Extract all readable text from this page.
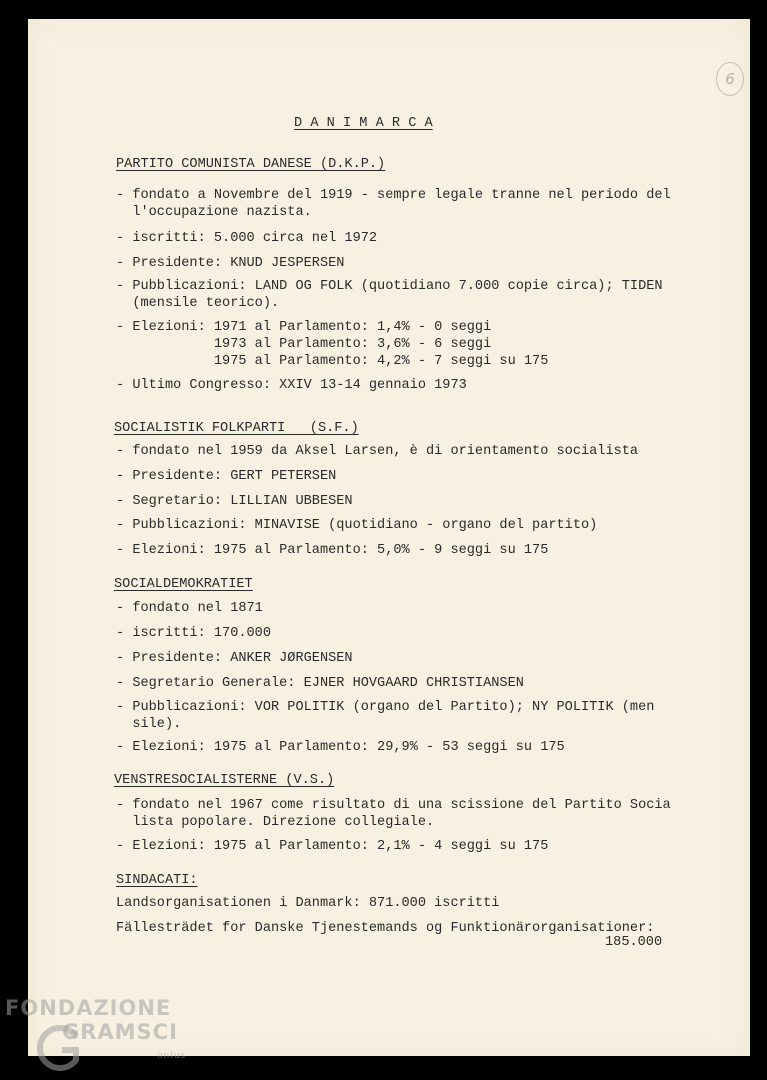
6
D A N I M A R C A
PARTITO COMUNISTA DANESE (D.K.P.)
- fondato a Novembre del 1919 - sempre legale tranne nel periodo del
l'occupazione nazista.
- iscritti: 5.000 circa nel 1972
- Presidente: KNUD JESPERSEN
- Pubblicazioni: LAND OG FOLK (quotidiano 7.000 copie circa); TIDEN
(mensile teorico).
- Elezioni: 1971 al Parlamento: 1,4% - 0 seggi
1973 al Parlamento: 3,6% - 6 seggi
1975 al Parlamento: 4,2% - 7 seggi su 175
- Ultimo Congresso: XXIV 13-14 gennaio 1973
SOCIALISTIK FOLKPARTI   (S.F.)
- fondato nel 1959 da Aksel Larsen, è di orientamento socialista
- Presidente: GERT PETERSEN
- Segretario: LILLIAN UBBESEN
- Pubblicazioni: MINAVISE (quotidiano - organo del partito)
- Elezioni: 1975 al Parlamento: 5,0% - 9 seggi su 175
SOCIALDEMOKRATIET
- fondato nel 1871
- iscritti: 170.000
- Presidente: ANKER JØRGENSEN
- Segretario Generale: EJNER HOVGAARD CHRISTIANSEN
- Pubblicazioni: VOR POLITIK (organo del Partito); NY POLITIK (men
sile).
- Elezioni: 1975 al Parlamento: 29,9% - 53 seggi su 175
VENSTRESOCIALISTERNE (V.S.)
- fondato nel 1967 come risultato di una scissione del Partito Socia
lista popolare. Direzione collegiale.
- Elezioni: 1975 al Parlamento: 2,1% - 4 seggi su 175
SINDACATI:
Landsorganisationen i Danmark: 871.000 iscritti
Fällesträdet for Danske Tjenestemands og Funktionärorganisationer:
185.000
FONDAZIONE
GRAMSCI
onlus
